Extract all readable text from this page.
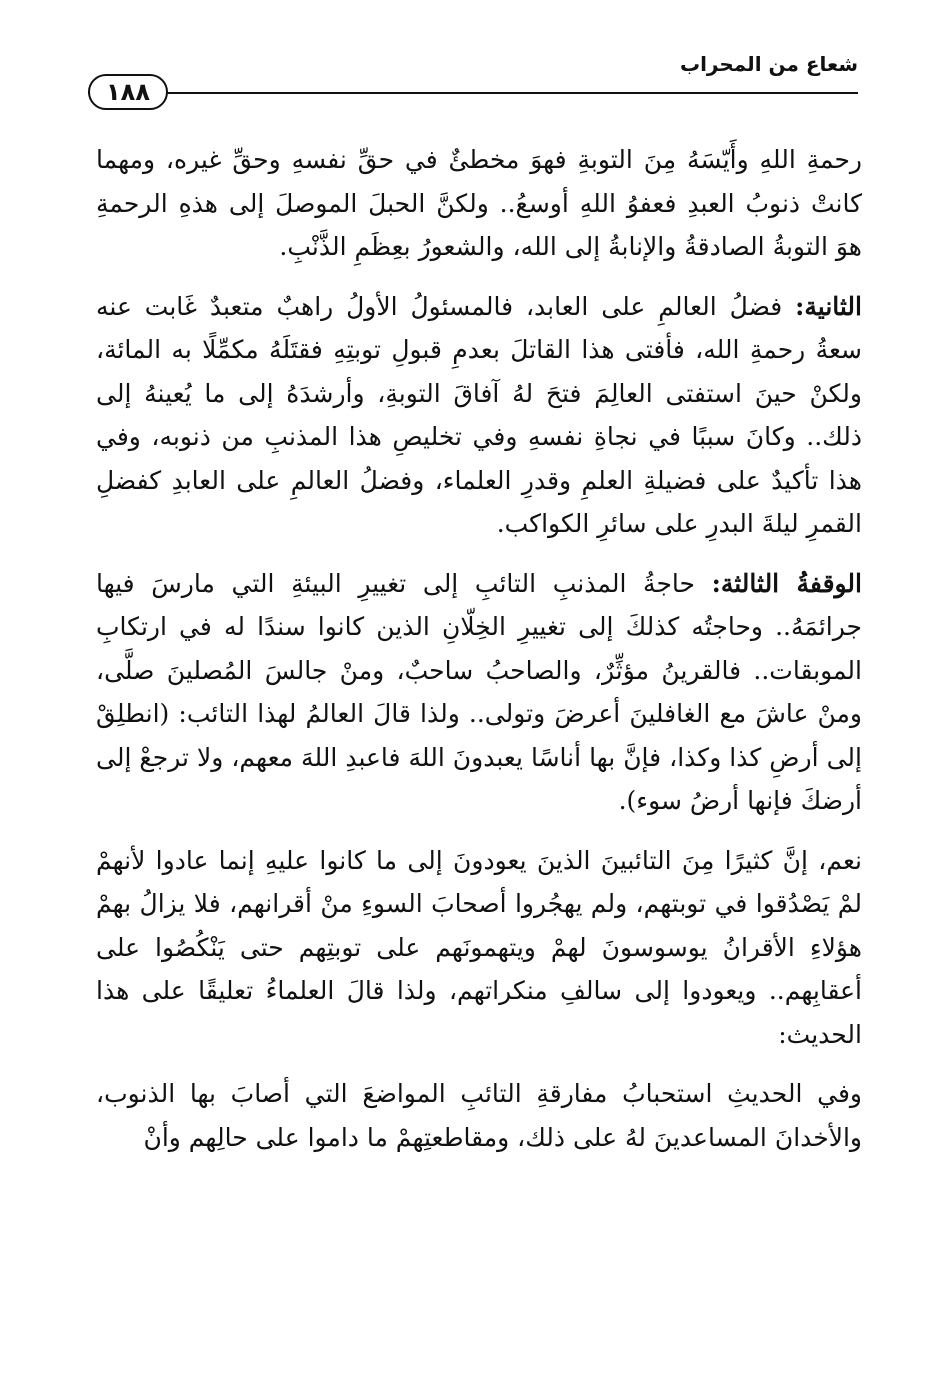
شعاع من المحراب
١٨٨

رحمةِ اللهِ وأَيّسَهُ مِنَ التوبةِ فهوَ مخطئٌ في حقِّ نفسهِ وحقِّ غيره، ومهما كانتْ ذنوبُ العبدِ فعفوُ اللهِ أوسعُ.. ولكنَّ الحبلَ الموصلَ إلى هذهِ الرحمةِ هوَ التوبةُ الصادقةُ والإنابةُ إلى الله، والشعورُ بعِظَمِ الذَّنْبِ.

الثانية: فضلُ العالمِ على العابد، فالمسئولُ الأولُ راهبٌ متعبدٌ غَابت عنه سعةُ رحمةِ الله، فأفتى هذا القاتلَ بعدمِ قبولِ توبتِهِ فقتَلَهُ مكمِّلًا به المائة، ولكنْ حينَ استفتى العالِمَ فتحَ لهُ آفاقَ التوبةِ، وأرشدَهُ إلى ما يُعينهُ إلى ذلك.. وكانَ سببًا في نجاةِ نفسهِ وفي تخليصِ هذا المذنبِ من ذنوبه، وفي هذا تأكيدٌ على فضيلةِ العلمِ وقدرِ العلماء، وفضلُ العالمِ على العابدِ كفضلِ القمرِ ليلةَ البدرِ على سائرِ الكواكب.

الوقفةُ الثالثة: حاجةُ المذنبِ التائبِ إلى تغييرِ البيئةِ التي مارسَ فيها جرائمَهُ.. وحاجتُه كذلكَ إلى تغييرِ الخِلّانِ الذين كانوا سندًا له في ارتكابِ الموبقات.. فالقرينُ مؤثِّرٌ، والصاحبُ ساحبٌ، ومنْ جالسَ المُصلينَ صلَّى، ومنْ عاشَ مع الغافلينَ أعرضَ وتولى.. ولذا قالَ العالمُ لهذا التائب: (انطلِقْ إلى أرضِ كذا وكذا، فإنَّ بها أناسًا يعبدونَ اللهَ فاعبدِ اللهَ معهم، ولا ترجعْ إلى أرضكَ فإنها أرضُ سوء).

نعم، إنَّ كثيرًا مِنَ التائبينَ الذينَ يعودونَ إلى ما كانوا عليهِ إنما عادوا لأنهمْ لمْ يَصْدُقوا في توبتهم، ولم يهجُروا أصحابَ السوءِ منْ أقرانهم، فلا يزالُ بهمْ هؤلاءِ الأقرانُ يوسوسونَ لهمْ ويتهمونَهم على توبتِهم حتى يَنْكُصُوا على أعقابِهم.. ويعودوا إلى سالفِ منكراتهم، ولذا قالَ العلماءُ تعليقًا على هذا الحديث:

وفي الحديثِ استحبابُ مفارقةِ التائبِ المواضعَ التي أصابَ بها الذنوب، والأخدانَ المساعدينَ لهُ على ذلك، ومقاطعتِهمْ ما داموا على حالِهم وأنْ
